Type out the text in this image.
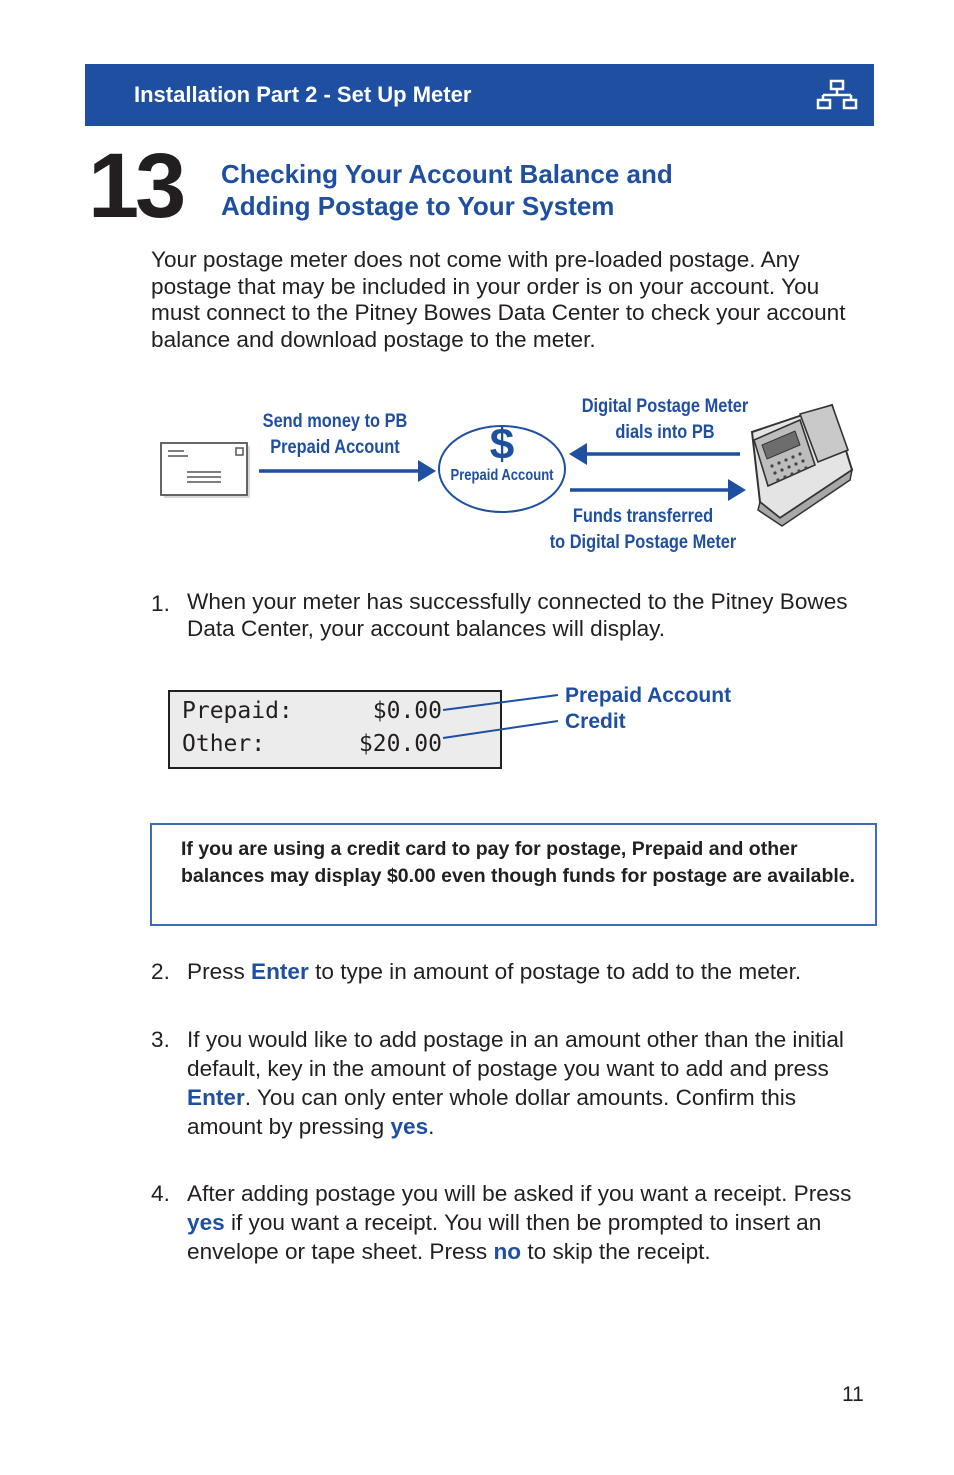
Installation Part 2 - Set Up Meter
13 Checking Your Account Balance and
Adding Postage to Your System
Your postage meter does not come with pre-loaded postage. Any postage that may be included in your order is on your account. You must connect to the Pitney Bowes Data Center to check your account balance and download postage to the meter.
Send money to PB
Prepaid Account	$
Prepaid Account
Digital Postage Meter
dials into PB
Funds transferred
to Digital Postage Meter
1. When your meter has successfully connected to the Pitney Bowes Data Center, your account balances will display.
Prepaid:	$0.00
Other:	$20.00
Prepaid Account
Credit
If you are using a credit card to pay for postage, Prepaid and other balances may display $0.00 even though funds for postage are available.
2. Press Enter to type in amount of postage to add to the meter.
3. If you would like to add postage in an amount other than the initial default, key in the amount of postage you want to add and press Enter. You can only enter whole dollar amounts. Confirm this amount by pressing yes.
4. After adding postage you will be asked if you want a receipt. Press yes if you want a receipt. You will then be prompted to insert an envelope or tape sheet. Press no to skip the receipt.
11
